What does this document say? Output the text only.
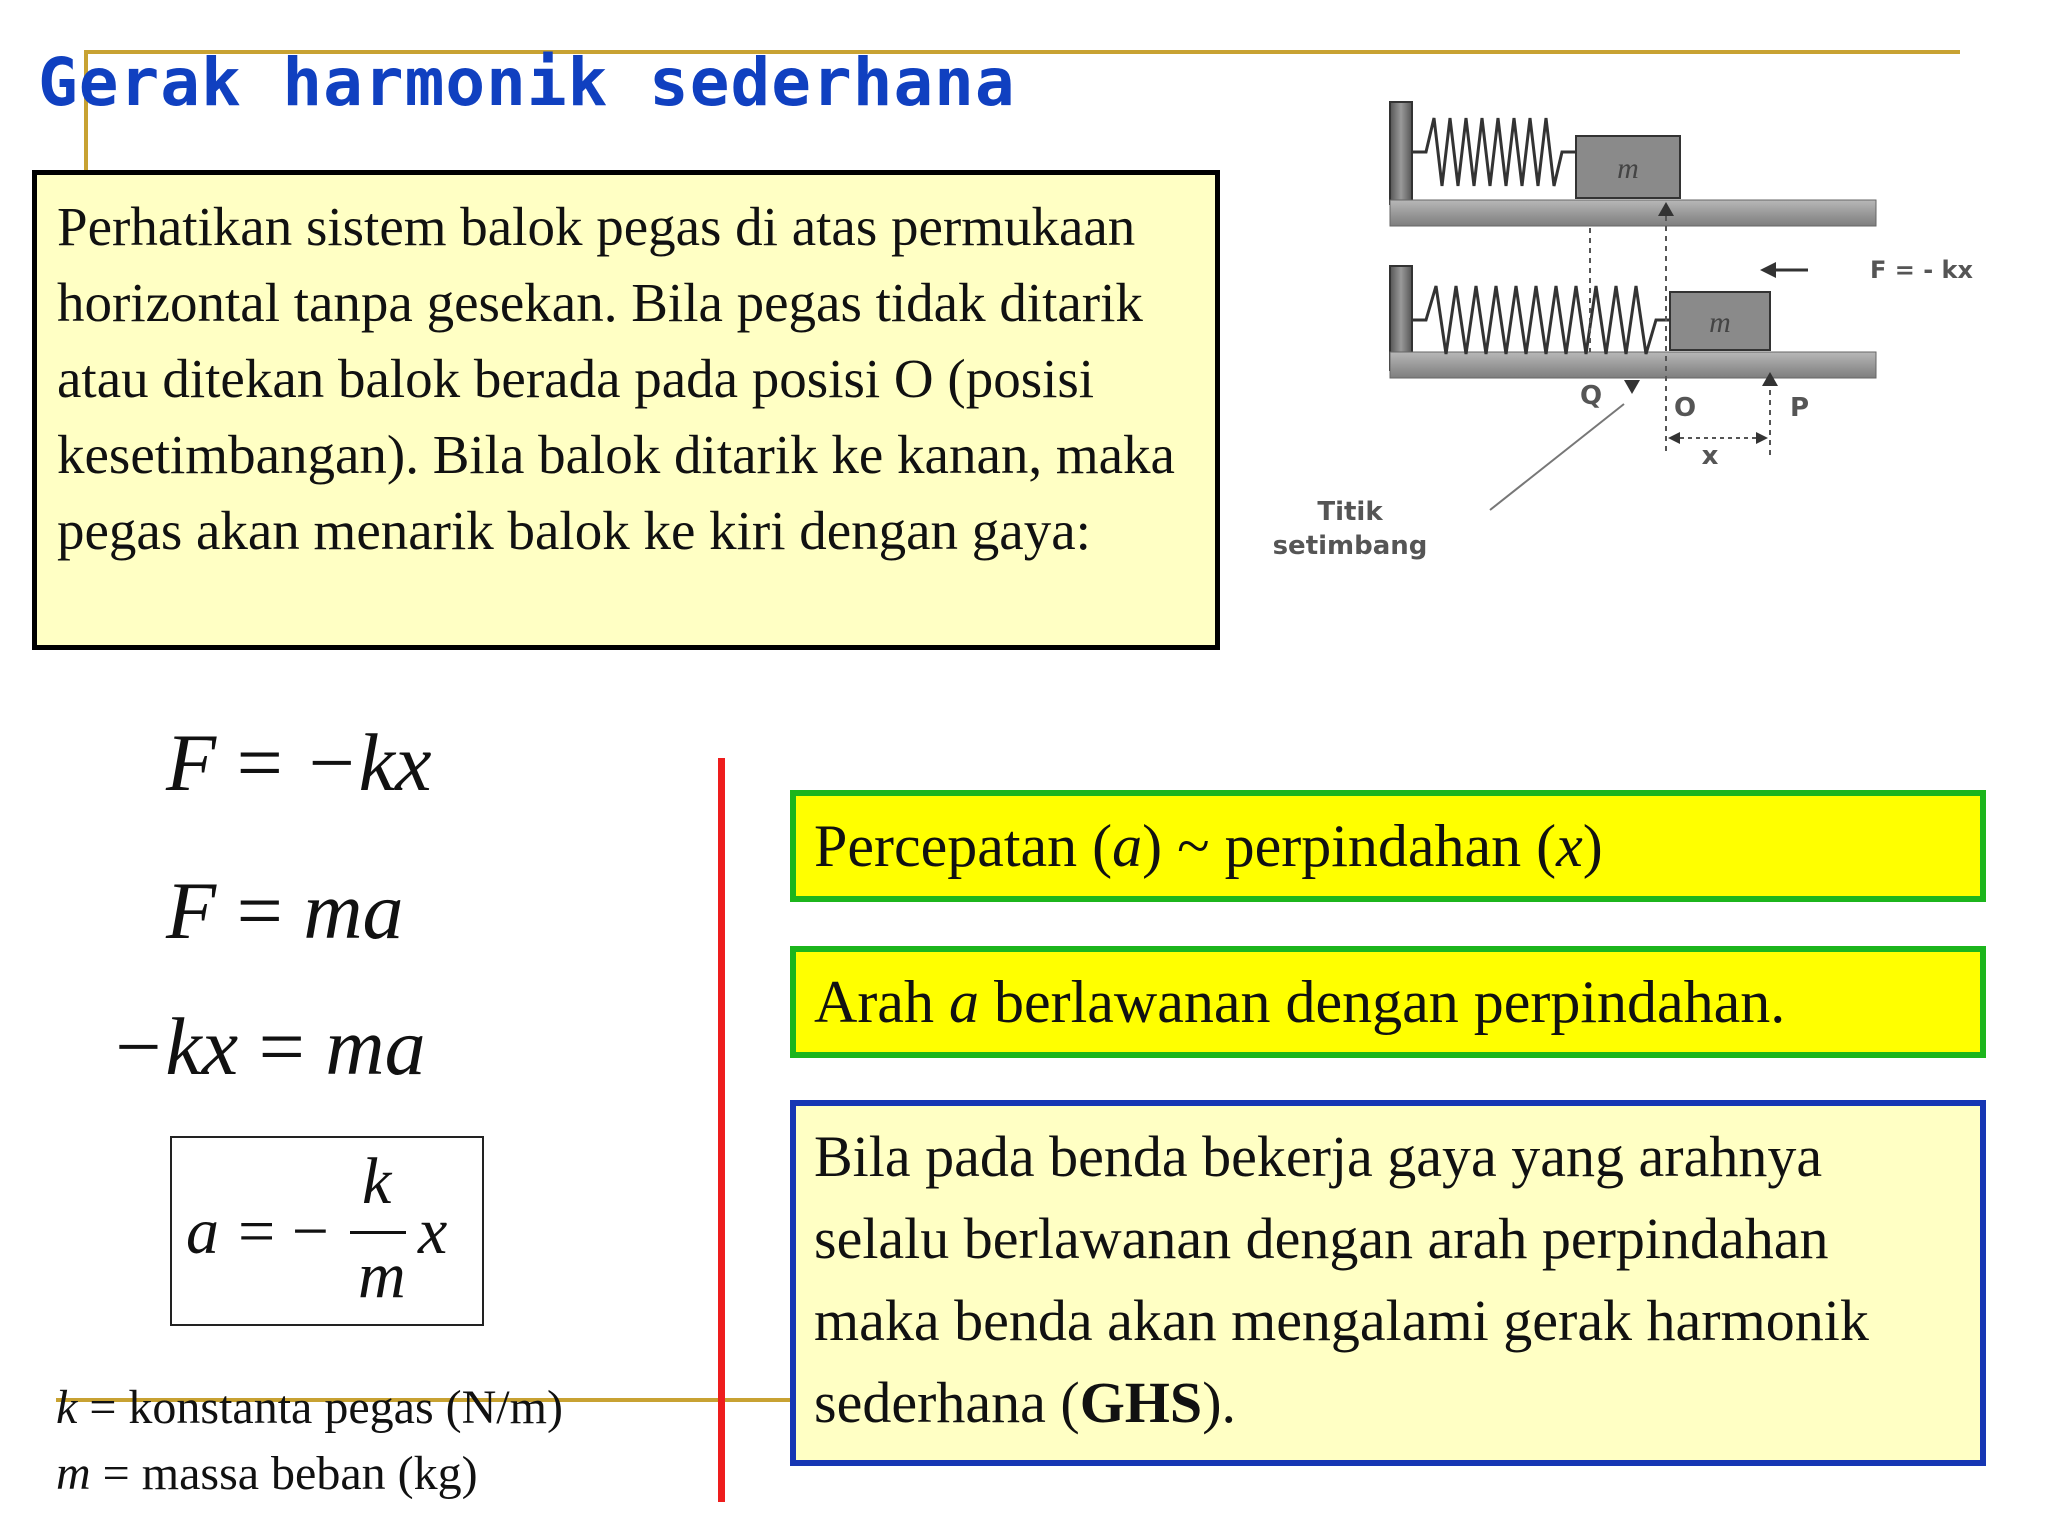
Gerak harmonik sederhana
Perhatikan sistem balok pegas di atas permukaan horizontal tanpa gesekan. Bila pegas tidak ditarik atau ditekan balok berada pada posisi O (posisi kesetimbangan). Bila balok ditarik ke kanan, maka pegas akan menarik balok ke kiri dengan gaya:
m
m
F = - kx
Q	O	P
x
Titik
setimbang
F = −kx
F = ma
−kx = ma
a = −
k
m
x
k = konstanta pegas (N/m)
m = massa beban (kg)
Percepatan (a) ~ perpindahan (x)
Arah a berlawanan dengan perpindahan.
Bila pada benda bekerja gaya yang arahnya selalu berlawanan dengan arah perpindahan maka benda akan mengalami gerak harmonik sederhana (GHS).
